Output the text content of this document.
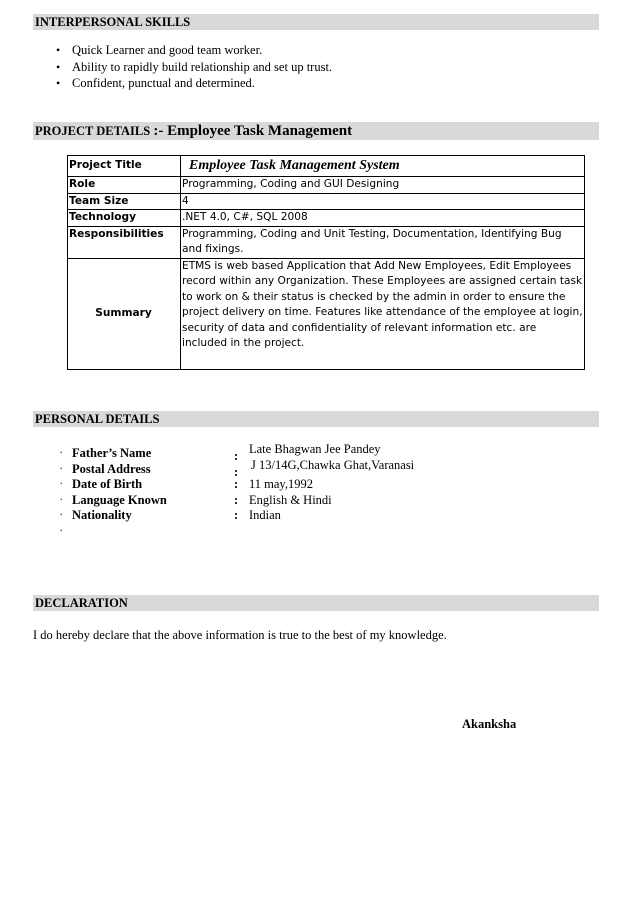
INTERPERSONAL SKILLS
• Quick Learner and good team worker.
• Ability to rapidly build relationship and set up trust.
• Confident, punctual and determined.
PROJECT DETAILS :- Employee Task Management
Project Title	Employee Task Management System
Role	Programming, Coding and GUI Designing
Team Size	4
Technology	.NET 4.0, C#, SQL 2008
Responsibilities	Programming, Coding and Unit Testing, Documentation, Identifying Bug and fixings.
Summary	ETMS is web based Application that Add New Employees, Edit Employees record within any Organization. These Employees are assigned certain task to work on & their status is checked by the admin in order to ensure the project delivery on time. Features like attendance of the employee at login, security of data and confidentiality of relevant information etc. are included in the project.
PERSONAL DETAILS
• Father’s Name	: Late Bhagwan Jee Pandey
• Postal Address	: J 13/14G,Chawka Ghat,Varanasi
• Date of Birth	: 11 may,1992
• Language Known	: English & Hindi
• Nationality	: Indian
•
DECLARATION
I do hereby declare that the above information is true to the best of my knowledge.
Akanksha
